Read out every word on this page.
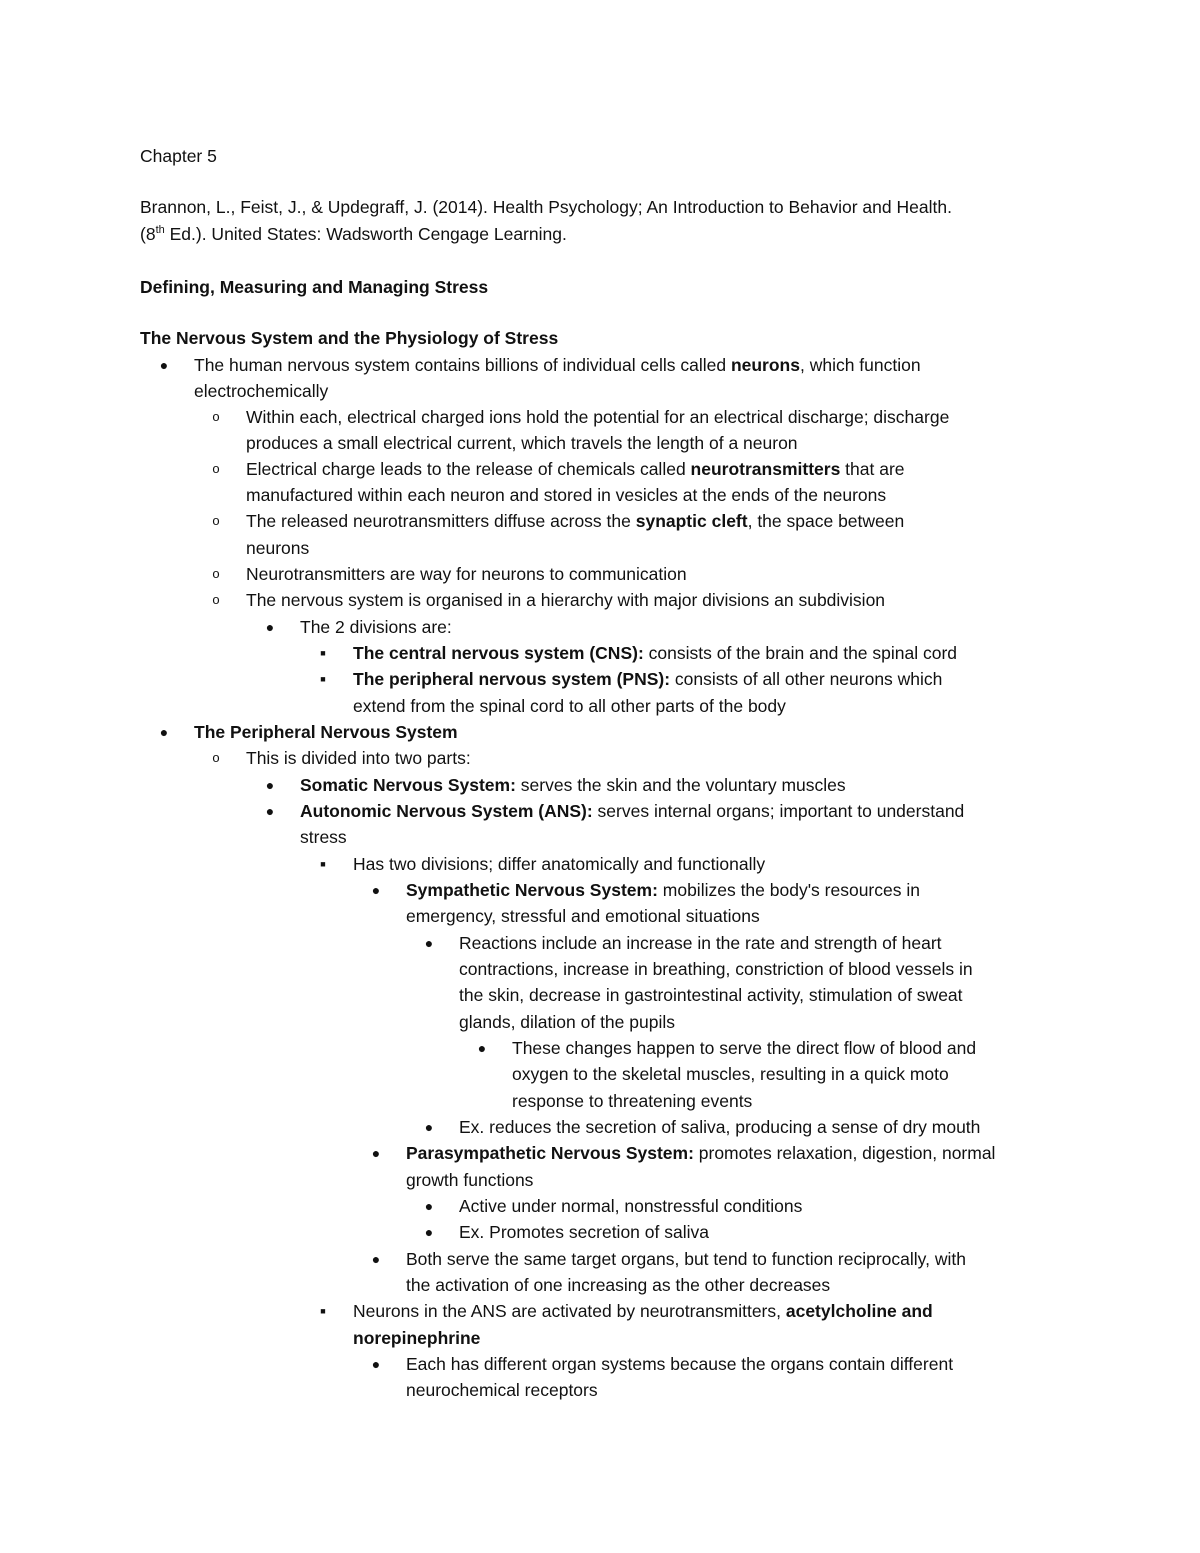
Chapter 5
Brannon, L., Feist, J., & Updegraff, J. (2014). Health Psychology; An Introduction to Behavior and Health.
(8th Ed.). United States: Wadsworth Cengage Learning.
Defining, Measuring and Managing Stress
The Nervous System and the Physiology of Stress
● The human nervous system contains billions of individual cells called neurons, which function
electrochemically
o Within each, electrical charged ions hold the potential for an electrical discharge; discharge
produces a small electrical current, which travels the length of a neuron
o Electrical charge leads to the release of chemicals called neurotransmitters that are
manufactured within each neuron and stored in vesicles at the ends of the neurons
o The released neurotransmitters diffuse across the synaptic cleft, the space between
neurons
o Neurotransmitters are way for neurons to communication
o The nervous system is organised in a hierarchy with major divisions an subdivision
● The 2 divisions are:
■	The central nervous system (CNS): consists of the brain and the spinal cord
■	The peripheral nervous system (PNS): consists of all other neurons which
extend from the spinal cord to all other parts of the body
● The Peripheral Nervous System
o This is divided into two parts:
● Somatic Nervous System: serves the skin and the voluntary muscles
● Autonomic Nervous System (ANS): serves internal organs; important to understand
stress
■	Has two divisions; differ anatomically and functionally
● Sympathetic Nervous System: mobilizes the body's resources in
emergency, stressful and emotional situations
● Reactions include an increase in the rate and strength of heart
contractions, increase in breathing, constriction of blood vessels in
the skin, decrease in gastrointestinal activity, stimulation of sweat
glands, dilation of the pupils
● These changes happen to serve the direct flow of blood and
oxygen to the skeletal muscles, resulting in a quick moto
response to threatening events
● Ex. reduces the secretion of saliva, producing a sense of dry mouth
● Parasympathetic Nervous System: promotes relaxation, digestion, normal
growth functions
● Active under normal, nonstressful conditions
● Ex. Promotes secretion of saliva
● Both serve the same target organs, but tend to function reciprocally, with
the activation of one increasing as the other decreases
■	Neurons in the ANS are activated by neurotransmitters, acetylcholine and
norepinephrine
● Each has different organ systems because the organs contain different
neurochemical receptors
